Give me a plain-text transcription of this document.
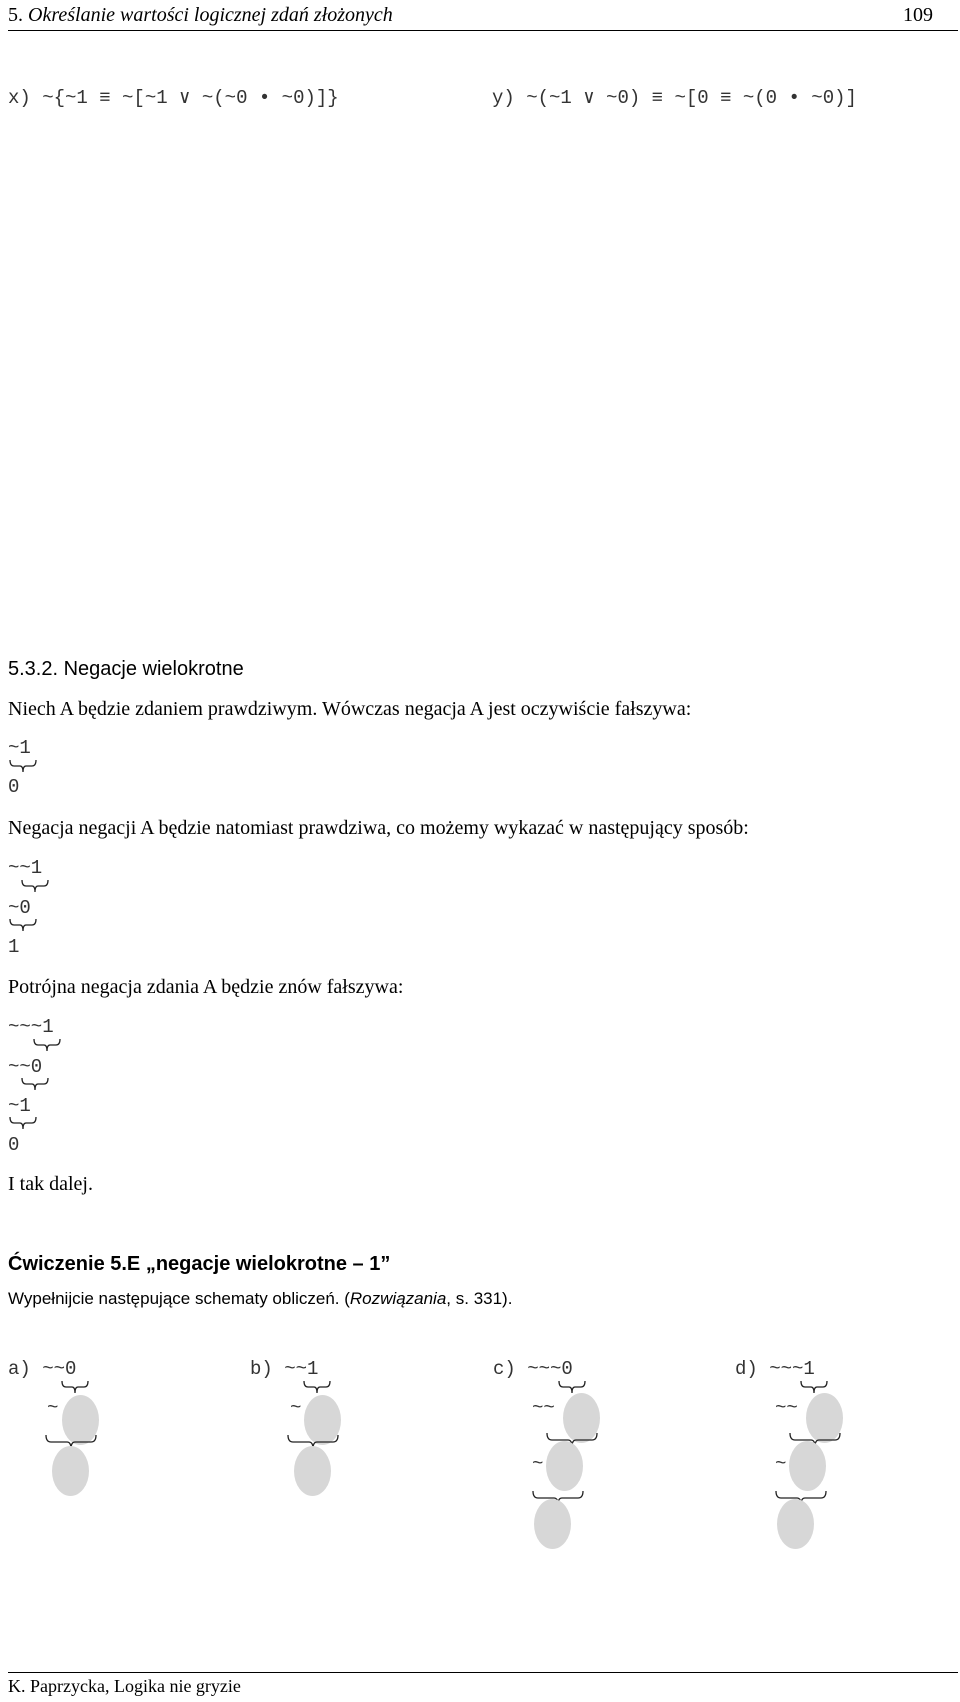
5. Określanie wartości logicznej zdań złożonych	109
x) ~{~1 ≡ ~[~1 ∨ ~(~0 • ~0)]}	y) ~(~1 ∨ ~0) ≡ ~[0 ≡ ~(0 • ~0)]
5.3.2. Negacje wielokrotne
Niech A będzie zdaniem prawdziwym. Wówczas negacja A jest oczywiście fałszywa:
~1
0
Negacja negacji A będzie natomiast prawdziwa, co możemy wykazać w następujący sposób:
~~1
~0
1
Potrójna negacja zdania A będzie znów fałszywa:
~~~1
~~0
~1
0
I tak dalej.
Ćwiczenie 5.E „negacje wielokrotne – 1”
Wypełnijcie następujące schematy obliczeń. (Rozwiązania, s. 331).
a) ~~0
~
b) ~~1
~
c) ~~~0
~~
~
d) ~~~1
~~
~
K. Paprzycka, Logika nie gryzie
